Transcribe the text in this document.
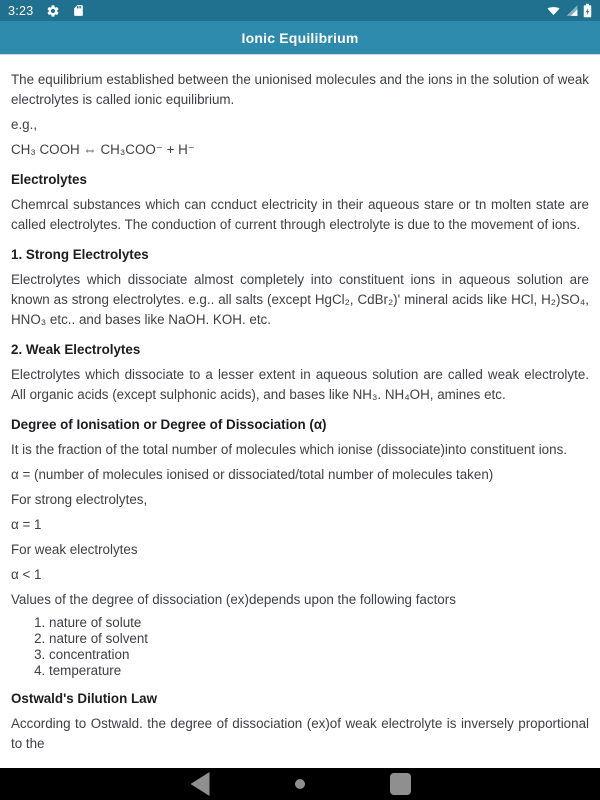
3:23
Ionic Equilibrium

The equilibrium established between the unionised molecules and the ions in the solution of weak electrolytes is called ionic equilibrium.

e.g.,

CH₃ COOH ⇔ CH₃COO⁻ + H⁻

Electrolytes

Chemrcal substances which can ccnduct electricity in their aqueous stare or tn molten state are called electrolytes. The conduction of current through electrolyte is due to the movement of ions.

1. Strong Electrolytes

Electrolytes which dissociate almost completely into constituent ions in aqueous solution are known as strong electrolytes. e.g.. all salts (except HgCl₂, CdBr₂)' mineral acids like HCl, H₂)SO₄, HNO₃ etc.. and bases like NaOH. KOH. etc.

2. Weak Electrolytes

Electrolytes which dissociate to a lesser extent in aqueous solution are called weak electrolyte. All organic acids (except sulphonic acids), and bases like NH₃. NH₄OH, amines etc.

Degree of Ionisation or Degree of Dissociation (α)

It is the fraction of the total number of molecules which ionise (dissociate)into constituent ions.

α = (number of molecules ionised or dissociated/total number of molecules taken)

For strong electrolytes,

α = 1

For weak electrolytes

α < 1

Values of the degree of dissociation (ex)depends upon the following factors

1. nature of solute
2. nature of solvent
3. concentration
4. temperature

Ostwald's Dilution Law

According to Ostwald. the degree of dissociation (ex)of weak electrolyte is inversely proportional to the
